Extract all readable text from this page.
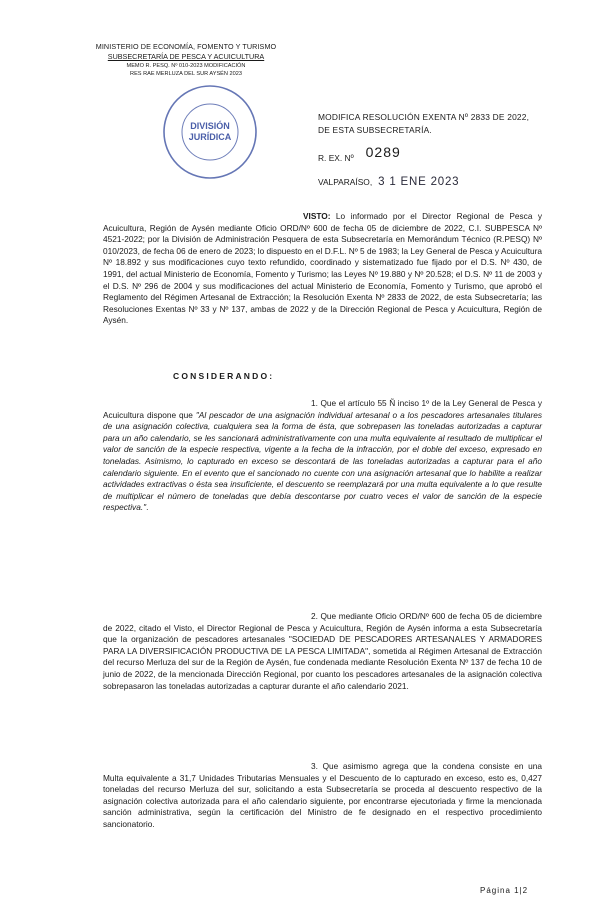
MINISTERIO DE ECONOMÍA, FOMENTO Y TURISMO
SUBSECRETARÍA DE PESCA Y ACUICULTURA
MEMO R. PESQ. Nº 010-2023 MODIFICACIÓN
RES RAE MERLUZA DEL SUR AYSÉN 2023
DIVISIÓN
JURÍDICA
MODIFICA RESOLUCIÓN EXENTA Nº 2833 DE 2022,
DE ESTA SUBSECRETARÍA.
R. EX. Nº 0289
VALPARAÍSO, 3 1 ENE 2023
VISTO: Lo informado por el Director Regional de Pesca y Acuicultura, Región de Aysén mediante Oficio ORD/Nº 600 de fecha 05 de diciembre de 2022, C.I. SUBPESCA Nº 4521-2022; por la División de Administración Pesquera de esta Subsecretaría en Memorándum Técnico (R.PESQ) Nº 010/2023, de fecha 06 de enero de 2023; lo dispuesto en el D.F.L. Nº 5 de 1983; la Ley General de Pesca y Acuicultura Nº 18.892 y sus modificaciones cuyo texto refundido, coordinado y sistematizado fue fijado por el D.S. Nº 430, de 1991, del actual Ministerio de Economía, Fomento y Turismo; las Leyes Nº 19.880 y Nº 20.528; el D.S. Nº 11 de 2003 y el D.S. Nº 296 de 2004 y sus modificaciones del actual Ministerio de Economía, Fomento y Turismo, que aprobó el Reglamento del Régimen Artesanal de Extracción; la Resolución Exenta Nº 2833 de 2022, de esta Subsecretaría; las Resoluciones Exentas Nº 33 y Nº 137, ambas de 2022 y de la Dirección Regional de Pesca y Acuicultura, Región de Aysén.
CONSIDERANDO:
1. Que el artículo 55 Ñ inciso 1º de la Ley General de Pesca y Acuicultura dispone que "Al pescador de una asignación individual artesanal o a los pescadores artesanales titulares de una asignación colectiva, cualquiera sea la forma de ésta, que sobrepasen las toneladas autorizadas a capturar para un año calendario, se les sancionará administrativamente con una multa equivalente al resultado de multiplicar el valor de sanción de la especie respectiva, vigente a la fecha de la infracción, por el doble del exceso, expresado en toneladas. Asimismo, lo capturado en exceso se descontará de las toneladas autorizadas a capturar para el año calendario siguiente. En el evento que el sancionado no cuente con una asignación artesanal que lo habilite a realizar actividades extractivas o ésta sea insuficiente, el descuento se reemplazará por una multa equivalente a lo que resulte de multiplicar el número de toneladas que debía descontarse por cuatro veces el valor de sanción de la especie respectiva.".
2. Que mediante Oficio ORD/Nº 600 de fecha 05 de diciembre de 2022, citado el Visto, el Director Regional de Pesca y Acuicultura, Región de Aysén informa a esta Subsecretaría que la organización de pescadores artesanales "SOCIEDAD DE PESCADORES ARTESANALES Y ARMADORES PARA LA DIVERSIFICACIÓN PRODUCTIVA DE LA PESCA LIMITADA", sometida al Régimen Artesanal de Extracción del recurso Merluza del sur de la Región de Aysén, fue condenada mediante Resolución Exenta Nº 137 de fecha 10 de junio de 2022, de la mencionada Dirección Regional, por cuanto los pescadores artesanales de la asignación colectiva sobrepasaron las toneladas autorizadas a capturar durante el año calendario 2021.
3. Que asimismo agrega que la condena consiste en una Multa equivalente a 31,7 Unidades Tributarias Mensuales y el Descuento de lo capturado en exceso, esto es, 0,427 toneladas del recurso Merluza del sur, solicitando a esta Subsecretaría se proceda al descuento respectivo de la asignación colectiva autorizada para el año calendario siguiente, por encontrarse ejecutoriada y firme la mencionada sanción administrativa, según la certificación del Ministro de fe designado en el respectivo procedimiento sancionatorio.
Página 1|2
